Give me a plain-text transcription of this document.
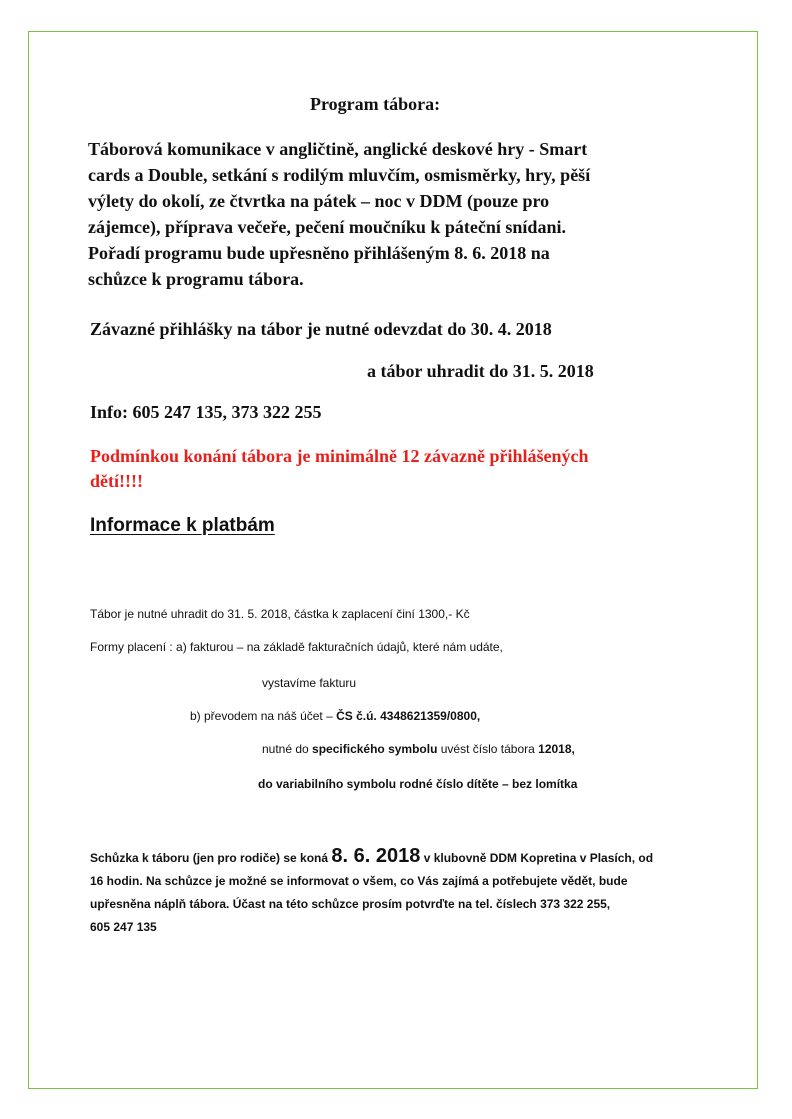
Program tábora:

Táborová komunikace v angličtině, anglické deskové hry - Smart
cards a Double, setkání s rodilým mluvčím, osmisměrky, hry, pěší
výlety do okolí, ze čtvrtka na pátek – noc v DDM (pouze pro
zájemce), příprava večeře, pečení moučníku k páteční snídani.
Pořadí programu bude upřesněno přihlášeným 8. 6. 2018 na
schůzce k programu tábora.

Závazné přihlášky na tábor je nutné odevzdat do 30. 4. 2018

a tábor uhradit do 31. 5. 2018

Info: 605 247 135, 373 322 255

Podmínkou konání tábora je minimálně 12 závazně přihlášených
dětí!!!!

Informace k platbám

Tábor je nutné uhradit do 31. 5. 2018, částka k zaplacení činí 1300,- Kč

Formy placení : a) fakturou – na základě fakturačních údajů, které nám udáte,

vystavíme fakturu

b) převodem na náš účet – ČS č.ú. 4348621359/0800,

nutné do specifického symbolu uvést číslo tábora 12018,

do variabilního symbolu rodné číslo dítěte – bez lomítka

Schůzka k táboru (jen pro rodiče) se koná 8. 6. 2018 v klubovně DDM Kopretina v Plasích, od
16 hodin. Na schůzce je možné se informovat o všem, co Vás zajímá a potřebujete vědět, bude
upřesněna náplň tábora. Účast na této schůzce prosím potvrďte na tel. číslech 373 322 255,
605 247 135
